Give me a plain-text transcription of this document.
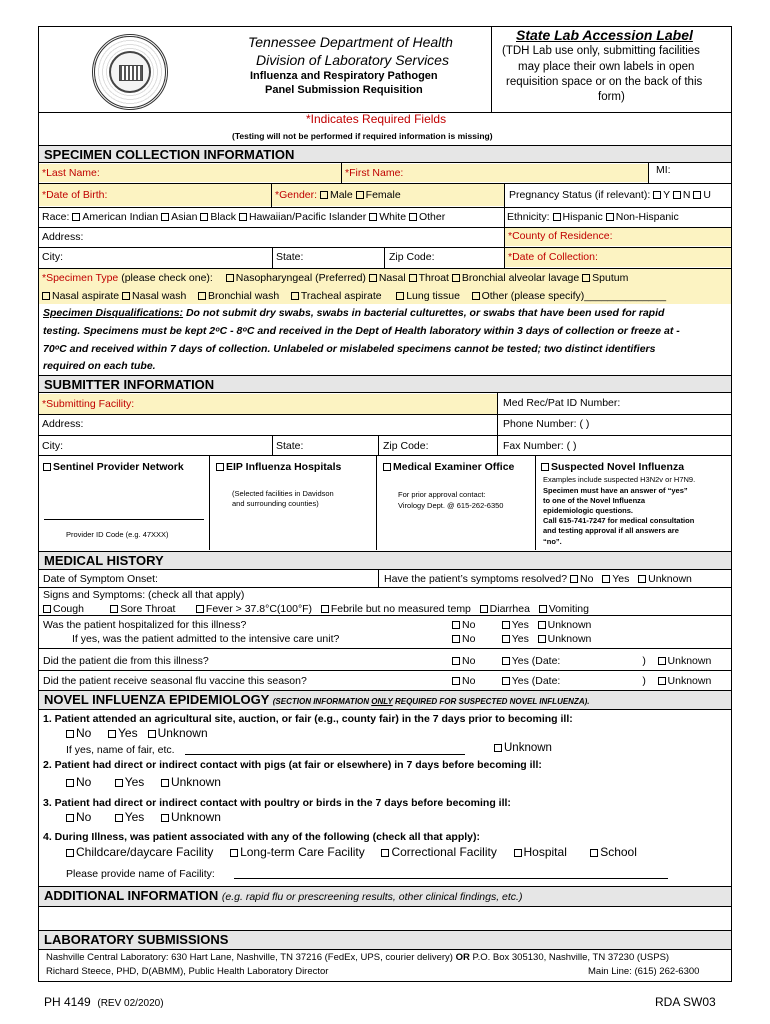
Tennessee Department of Health
Division of Laboratory Services
Influenza and Respiratory Pathogen
Panel Submission Requisition
State Lab Accession Label
(TDH Lab use only, submitting facilities
may place their own labels in open
requisition space or on the back of this
form)
*Indicates Required Fields
(Testing will not be performed if required information is missing)
SPECIMEN COLLECTION INFORMATION
*Last Name:	*First Name:	MI:
*Date of Birth:	*Gender: Male Female	Pregnancy Status (if relevant): Y N U
Race: American Indian Asian Black Hawaiian/Pacific Islander White Other	Ethnicity: Hispanic Non-Hispanic
Address:	*County of Residence:
City:	State:	Zip Code:	*Date of Collection:
*Specimen Type (please check one): Nasopharyngeal (Preferred) Nasal Throat Bronchial alveolar lavage Sputum
Nasal aspirate Nasal wash Bronchial wash Tracheal aspirate Lung tissue Other (please specify)______________
Specimen Disqualifications: Do not submit dry swabs, swabs in bacterial culturettes, or swabs that have been used for rapid
testing. Specimens must be kept 2ᵒC - 8ᵒC and received in the Dept of Health laboratory within 3 days of collection or freeze at -
70ᵒC and received within 7 days of collection. Unlabeled or mislabeled specimens cannot be tested; two distinct identifiers
required on each tube.
SUBMITTER INFORMATION
*Submitting Facility:	Med Rec/Pat ID Number:
Address:	Phone Number: ( )
City:	State:	Zip Code:	Fax Number: ( )
Sentinel Provider Network
Provider ID Code (e.g. 47XXX)
EIP Influenza Hospitals
(Selected facilities in Davidson
and surrounding counties)
Medical Examiner Office
For prior approval contact:
Virology Dept. @ 615-262-6350
Suspected Novel Influenza
Examples include suspected H3N2v or H7N9.
Specimen must have an answer of “yes”
to one of the Novel Influenza
epidemiologic questions.
Call 615-741-7247 for medical consultation
and testing approval if all answers are
“no”.
MEDICAL HISTORY
Date of Symptom Onset:	Have the patient’s symptoms resolved? No Yes Unknown
Signs and Symptoms: (check all that apply)
Cough	Sore Throat	Fever > 37.8°C(100°F) Febrile but no measured temp Diarrhea Vomiting
Was the patient hospitalized for this illness?	No	Yes Unknown
If yes, was the patient admitted to the intensive care unit?	No	Yes Unknown
Did the patient die from this illness?	No	Yes (Date:	) Unknown
Did the patient receive seasonal flu vaccine this season?	No	Yes (Date:	) Unknown
NOVEL INFLUENZA EPIDEMIOLOGY (SECTION INFORMATION ONLY REQUIRED FOR SUSPECTED NOVEL INFLUENZA).
1. Patient attended an agricultural site, auction, or fair (e.g., county fair) in the 7 days prior to becoming ill:
No Yes Unknown
If yes, name of fair, etc.	Unknown
2. Patient had direct or indirect contact with pigs (at fair or elsewhere) in 7 days before becoming ill:
No	Yes Unknown
3. Patient had direct or indirect contact with poultry or birds in the 7 days before becoming ill:
No	Yes Unknown
4. During Illness, was patient associated with any of the following (check all that apply):
Childcare/daycare Facility Long-term Care Facility Correctional Facility Hospital	School
Please provide name of Facility:
ADDITIONAL INFORMATION (e.g. rapid flu or prescreening results, other clinical findings, etc.)
LABORATORY SUBMISSIONS
Nashville Central Laboratory: 630 Hart Lane, Nashville, TN 37216 (FedEx, UPS, courier delivery) OR P.O. Box 305130, Nashville, TN 37230 (USPS)
Richard Steece, PHD, D(ABMM), Public Health Laboratory Director	Main Line: (615) 262-6300
PH 4149 (REV 02/2020)	RDA SW03
